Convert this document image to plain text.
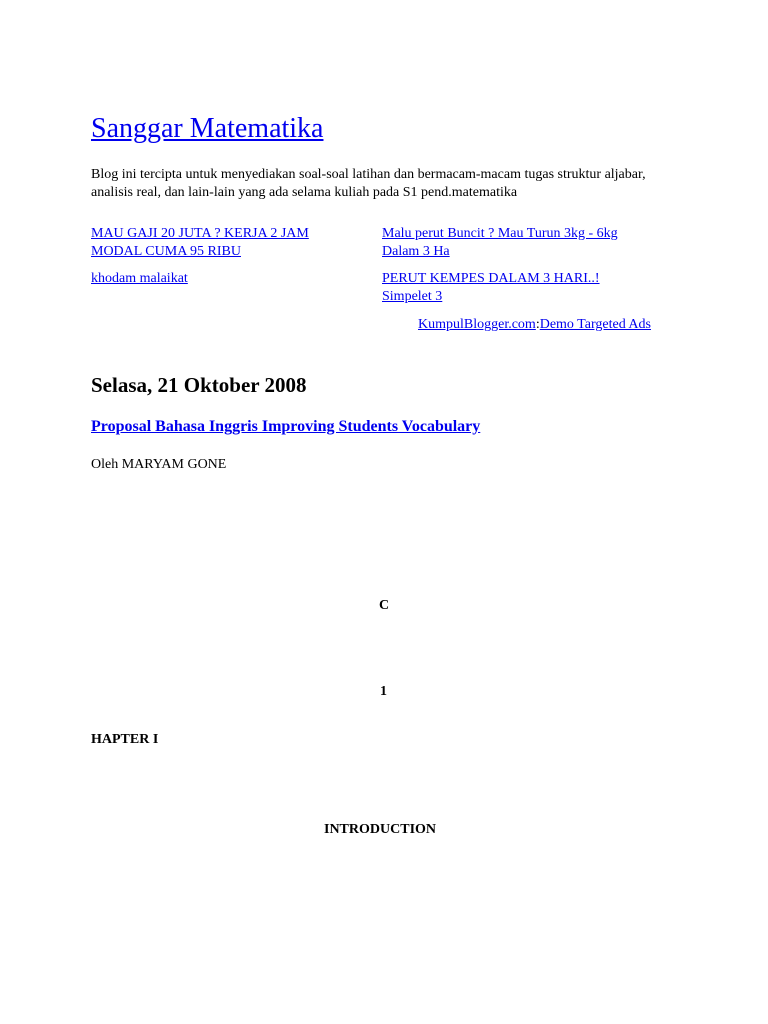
Sanggar Matematika
Blog ini tercipta untuk menyediakan soal-soal latihan dan bermacam-macam tugas struktur aljabar, analisis real, dan lain-lain yang ada selama kuliah pada S1 pend.matematika
MAU GAJI 20 JUTA ? KERJA 2 JAM MODAL CUMA 95 RIBU
Malu perut Buncit ? Mau Turun 3kg - 6kg Dalam 3 Ha
khodam malaikat	PERUT KEMPES DALAM 3 HARI..! Simpelet 3
KumpulBlogger.com:Demo Targeted Ads
Selasa, 21 Oktober 2008
Proposal Bahasa Inggris Improving Students Vocabulary
Oleh MARYAM GONE
C
1
HAPTER I
INTRODUCTION
